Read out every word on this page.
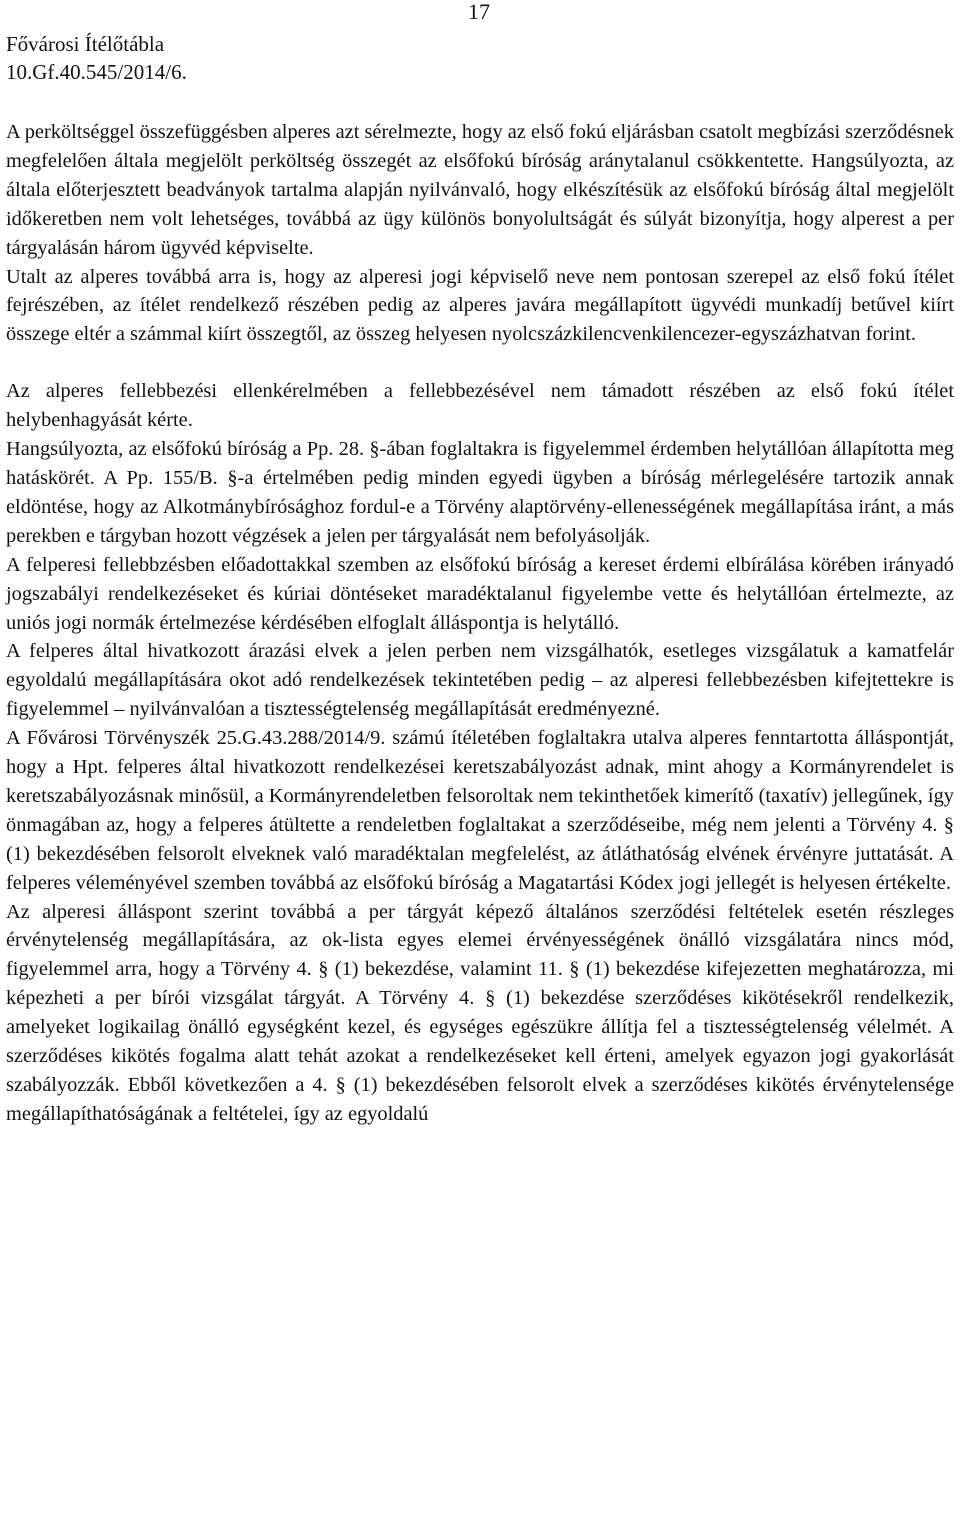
17
Fővárosi Ítélőtábla
10.Gf.40.545/2014/6.

A perköltséggel összefüggésben alperes azt sérelmezte, hogy az első fokú eljárásban csatolt megbízási szerződésnek megfelelően általa megjelölt perköltség összegét az elsőfokú bíróság aránytalanul csökkentette. Hangsúlyozta, az általa előterjesztett beadványok tartalma alapján nyilvánvaló, hogy elkészítésük az elsőfokú bíróság által megjelölt időkeretben nem volt lehetséges, továbbá az ügy különös bonyolultságát és súlyát bizonyítja, hogy alperest a per tárgyalásán három ügyvéd képviselte.

Utalt az alperes továbbá arra is, hogy az alperesi jogi képviselő neve nem pontosan szerepel az első fokú ítélet fejrészében, az ítélet rendelkező részében pedig az alperes javára megállapított ügyvédi munkadíj betűvel kiírt összege eltér a számmal kiírt összegtől, az összeg helyesen nyolcszázkilencvenkilencezer-egyszázhatvan forint.

Az alperes fellebbezési ellenkérelmében a fellebbezésével nem támadott részében az első fokú ítélet helybenhagyását kérte.

Hangsúlyozta, az elsőfokú bíróság a Pp. 28. §-ában foglaltakra is figyelemmel érdemben helytállóan állapította meg hatáskörét. A Pp. 155/B. §-a értelmében pedig minden egyedi ügyben a bíróság mérlegelésére tartozik annak eldöntése, hogy az Alkotmánybírósághoz fordul-e a Törvény alaptörvény-ellenességének megállapítása iránt, a más perekben e tárgyban hozott végzések a jelen per tárgyalását nem befolyásolják.

A felperesi fellebbzésben előadottakkal szemben az elsőfokú bíróság a kereset érdemi elbírálása körében irányadó jogszabályi rendelkezéseket és kúriai döntéseket maradéktalanul figyelembe vette és helytállóan értelmezte, az uniós jogi normák értelmezése kérdésében elfoglalt álláspontja is helytálló.

A felperes által hivatkozott árazási elvek a jelen perben nem vizsgálhatók, esetleges vizsgálatuk a kamatfelár egyoldalú megállapítására okot adó rendelkezések tekintetében pedig – az alperesi fellebbezésben kifejtettekre is figyelemmel – nyilvánvalóan a tisztességtelenség megállapítását eredményezné.

A Fővárosi Törvényszék 25.G.43.288/2014/9. számú ítéletében foglaltakra utalva alperes fenntartotta álláspontját, hogy a Hpt. felperes által hivatkozott rendelkezései keretszabályozást adnak, mint ahogy a Kormányrendelet is keretszabályozásnak minősül, a Kormányrendeletben felsoroltak nem tekinthetőek kimerítő (taxatív) jellegűnek, így önmagában az, hogy a felperes átültette a rendeletben foglaltakat a szerződéseibe, még nem jelenti a Törvény 4. § (1) bekezdésében felsorolt elveknek való maradéktalan megfelelést, az átláthatóság elvének érvényre juttatását. A felperes véleményével szemben továbbá az elsőfokú bíróság a Magatartási Kódex jogi jellegét is helyesen értékelte.

Az alperesi álláspont szerint továbbá a per tárgyát képező általános szerződési feltételek esetén részleges érvénytelenség megállapítására, az ok-lista egyes elemei érvényességének önálló vizsgálatára nincs mód, figyelemmel arra, hogy a Törvény 4. § (1) bekezdése, valamint 11. § (1) bekezdése kifejezetten meghatározza, mi képezheti a per bírói vizsgálat tárgyát. A Törvény 4. § (1) bekezdése szerződéses kikötésekről rendelkezik, amelyeket logikailag önálló egységként kezel, és egységes egészükre állítja fel a tisztességtelenség vélelmét. A szerződéses kikötés fogalma alatt tehát azokat a rendelkezéseket kell érteni, amelyek egyazon jogi gyakorlását szabályozzák. Ebből következően a 4. § (1) bekezdésében felsorolt elvek a szerződéses kikötés érvénytelensége megállapíthatóságának a feltételei, így az egyoldalú
